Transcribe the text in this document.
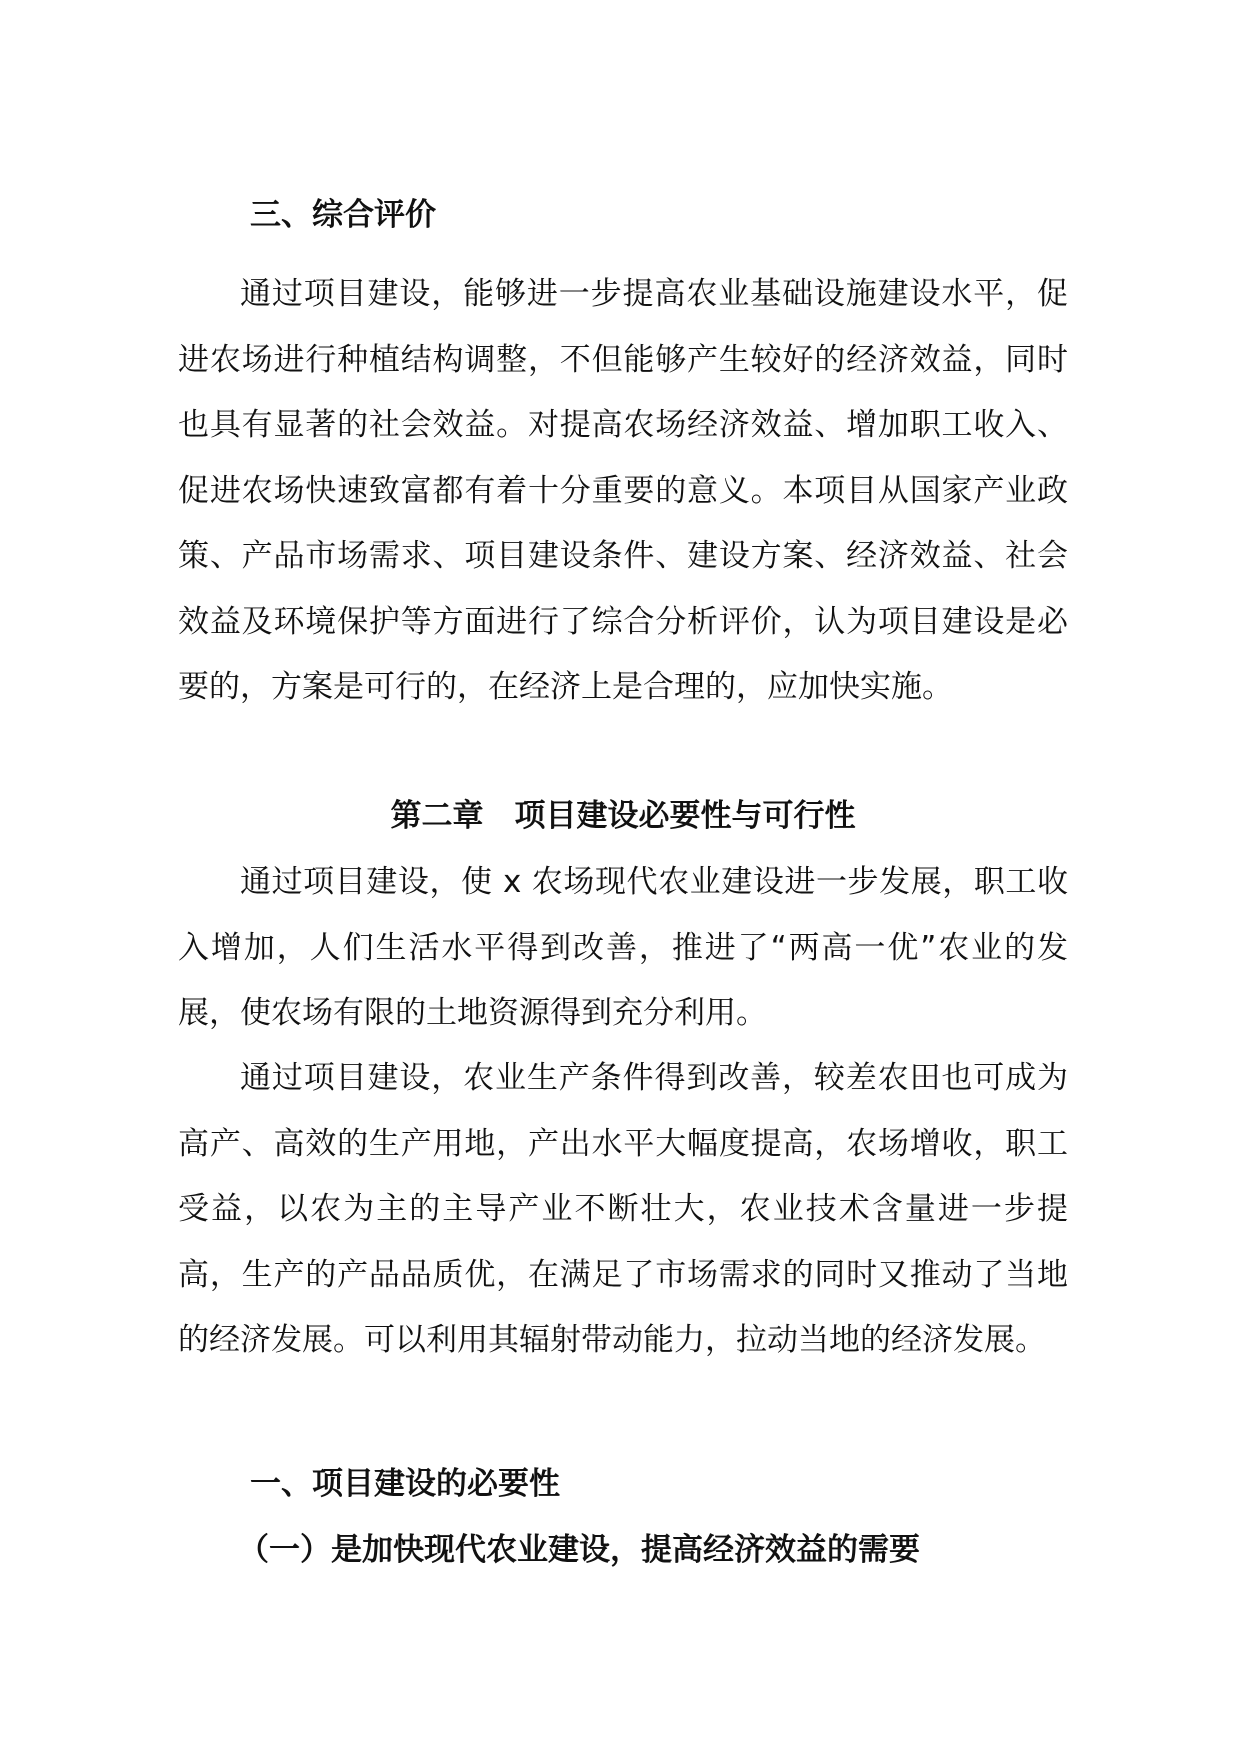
三、综合评价

通过项目建设，能够进一步提高农业基础设施建设水平，促进农场进行种植结构调整，不但能够产生较好的经济效益，同时也具有显著的社会效益。对提高农场经济效益、增加职工收入、促进农场快速致富都有着十分重要的意义。本项目从国家产业政策、产品市场需求、项目建设条件、建设方案、经济效益、社会效益及环境保护等方面进行了综合分析评价，认为项目建设是必要的，方案是可行的，在经济上是合理的，应加快实施。

第二章　项目建设必要性与可行性

通过项目建设，使 x 农场现代农业建设进一步发展，职工收入增加，人们生活水平得到改善，推进了“两高一优”农业的发展，使农场有限的土地资源得到充分利用。

通过项目建设，农业生产条件得到改善，较差农田也可成为高产、高效的生产用地，产出水平大幅度提高，农场增收，职工受益，以农为主的主导产业不断壮大，农业技术含量进一步提高，生产的产品品质优，在满足了市场需求的同时又推动了当地的经济发展。可以利用其辐射带动能力，拉动当地的经济发展。

一、项目建设的必要性
（一）是加快现代农业建设，提高经济效益的需要
